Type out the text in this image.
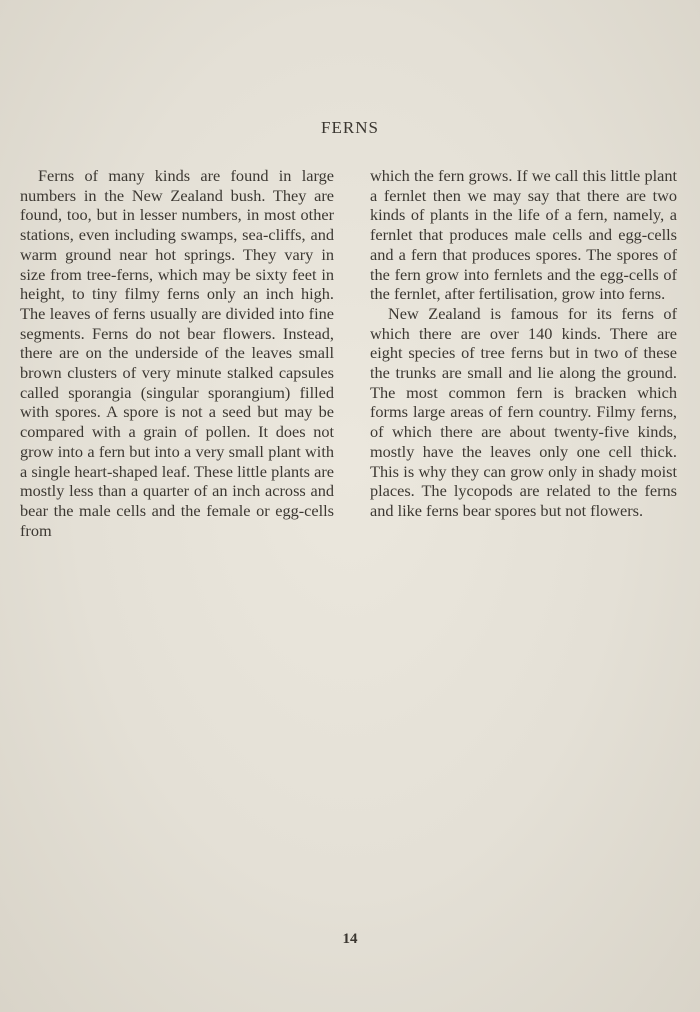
FERNS

Ferns of many kinds are found in large numbers in the New Zealand bush. They are found, too, but in lesser numbers, in most other stations, even including swamps, sea-cliffs, and warm ground near hot springs. They vary in size from tree-ferns, which may be sixty feet in height, to tiny filmy ferns only an inch high. The leaves of ferns usually are divided into fine segments. Ferns do not bear flowers. Instead, there are on the underside of the leaves small brown clusters of very minute stalked capsules called sporangia (singular sporangium) filled with spores. A spore is not a seed but may be compared with a grain of pollen. It does not grow into a fern but into a very small plant with a single heart-shaped leaf. These little plants are mostly less than a quarter of an inch across and bear the male cells and the female or egg-cells from

which the fern grows. If we call this little plant a fernlet then we may say that there are two kinds of plants in the life of a fern, namely, a fernlet that produces male cells and egg-cells and a fern that produces spores. The spores of the fern grow into fernlets and the egg-cells of the fernlet, after fertilisation, grow into ferns.

New Zealand is famous for its ferns of which there are over 140 kinds. There are eight species of tree ferns but in two of these the trunks are small and lie along the ground. The most common fern is bracken which forms large areas of fern country. Filmy ferns, of which there are about twenty-five kinds, mostly have the leaves only one cell thick. This is why they can grow only in shady moist places. The lycopods are related to the ferns and like ferns bear spores but not flowers.

14
